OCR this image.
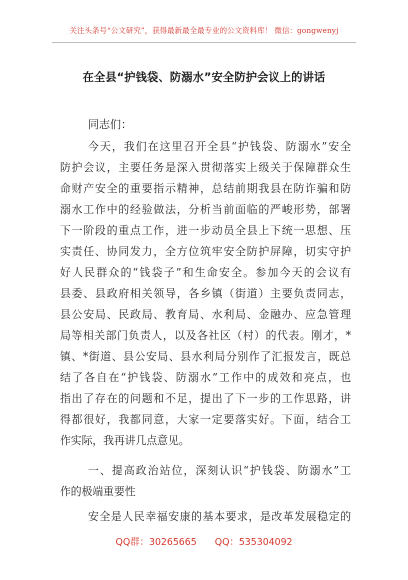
关注头条号“公文研究”，获得最新最全最专业的公文资料库！ 微信：gongwenyj
在全县“护钱袋、防溺水”安全防护会议上的讲话
同志们：
今天，我们在这里召开全县“护钱袋、防溺水”安全
防护会议，主要任务是深入贯彻落实上级关于保障群众生
命财产安全的重要指示精神，总结前期我县在防诈骗和防
溺水工作中的经验做法，分析当前面临的严峻形势，部署
下一阶段的重点工作，进一步动员全县上下统一思想、压
实责任、协同发力，全方位筑牢安全防护屏障，切实守护
好人民群众的“钱袋子”和生命安全。参加今天的会议有
县委、县政府相关领导，各乡镇（街道）主要负责同志，
县公安局、民政局、教育局、水利局、金融办、应急管理
局等相关部门负责人，以及各社区（村）的代表。刚才，*
镇、*街道、县公安局、县水利局分别作了汇报发言，既总
结了各自在“护钱袋、防溺水”工作中的成效和亮点，也
指出了存在的问题和不足，提出了下一步的工作思路，讲
得都很好，我都同意，大家一定要落实好。下面，结合工
作实际，我再讲几点意见。
一、提高政治站位，深刻认识“护钱袋、防溺水”工
作的极端重要性
安全是人民幸福安康的基本要求，是改革发展稳定的
QQ群：30265665 QQ：535304092
